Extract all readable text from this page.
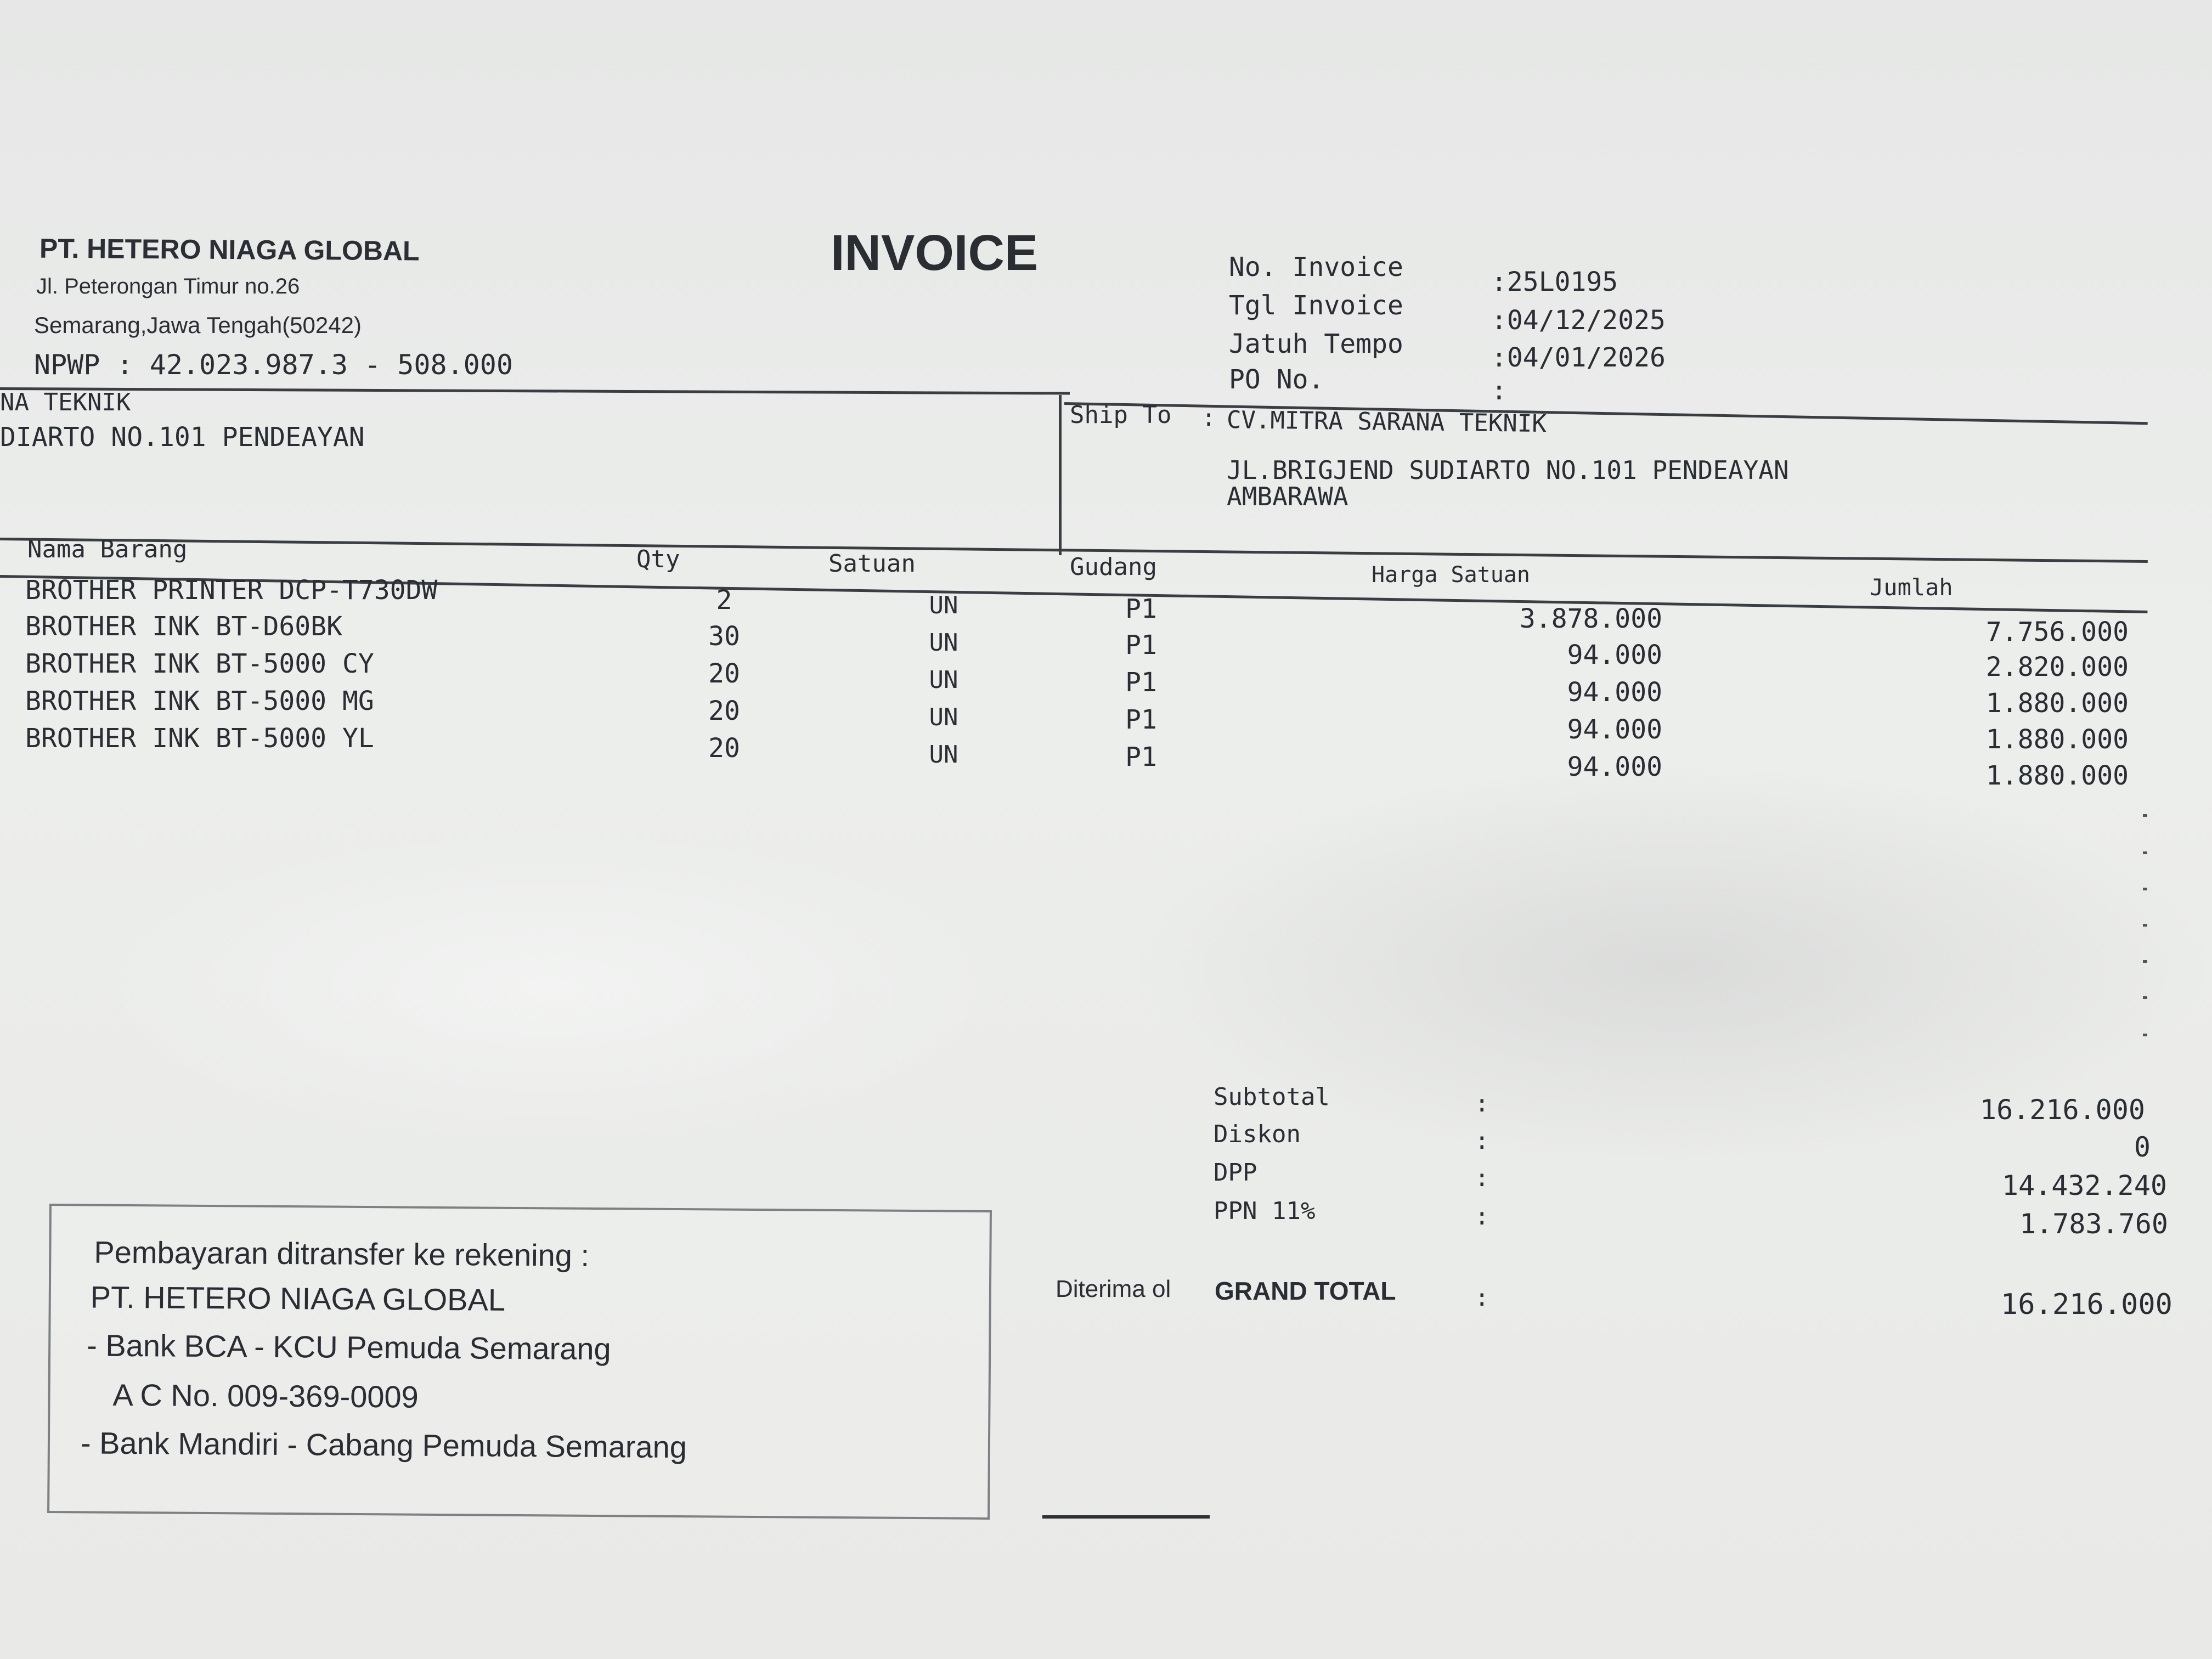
PT. HETERO NIAGA GLOBAL
Jl. Peterongan Timur no.26
Semarang,Jawa Tengah(50242)
NPWP : 42.023.987.3 - 508.000
INVOICE	No. Invoice	:25L0195
Tgl Invoice	:04/12/2025
Jatuh Tempo	:04/01/2026
PO No.	:
NA TEKNIK
DIARTO NO.101 PENDEAYAN
Ship To : CV.MITRA SARANA TEKNIK
JL.BRIGJEND SUDIARTO NO.101 PENDEAYAN
AMBARAWA
Nama Barang	Qty	Satuan	Gudang	Harga Satuan	Jumlah
BROTHER PRINTER DCP-T730DW	2	UN	P1	3.878.000	7.756.000
BROTHER INK BT-D60BK	30	UN	P1	94.000	2.820.000
BROTHER INK BT-5000 CY	20	UN	P1	94.000	1.880.000
BROTHER INK BT-5000 MG	20	UN	P1	94.000	1.880.000
BROTHER INK BT-5000 YL	20	UN	P1	94.000	1.880.000
Subtotal	:	16.216.000
Diskon	:	0
DPP	:	14.432.240
PPN 11%	:	1.783.760
Diterima ol GRAND TOTAL	:	16.216.000
Pembayaran ditransfer ke rekening :
PT. HETERO NIAGA GLOBAL
- Bank BCA - KCU Pemuda Semarang
A C No. 009-369-0009
- Bank Mandiri - Cabang Pemuda Semarang
